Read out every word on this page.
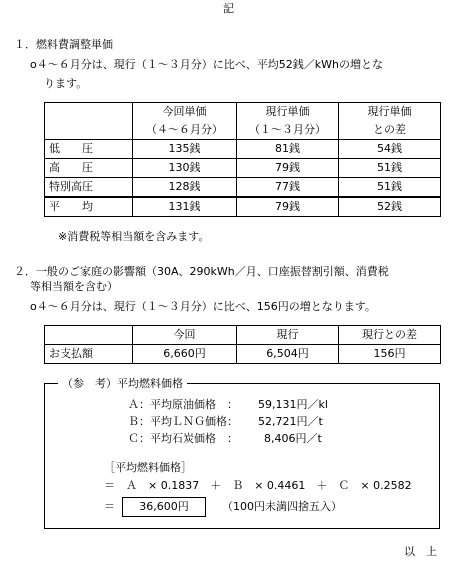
記
１．燃料費調整単価
o４～６月分は、現行（１～３月分）に比べ、平均52銭／kWhの増とな
ります。
	今回単価	現行単価	現行単価
	（４～６月分）	（１～３月分）	との差
低　　圧	135銭	81銭	54銭
高　　圧	130銭	79銭	51銭
特別高圧	128銭	77銭	51銭
平　　均	131銭	79銭	52銭
※消費税等相当額を含みます。
２．一般のご家庭の影響額（30A、290kWh／月、口座振替割引額、消費税
等相当額を含む）
o４～６月分は、現行（１～３月分）に比べ、156円の増となります。
	今回	現行	現行との差
お支払額	6,660円	6,504円	156円
（参　考）平均燃料価格
Ａ：平均原油価格　： 59,131円／kl
Ｂ：平均ＬＮＧ価格： 52,721円／t
Ｃ：平均石炭価格　： 8,406円／t
［平均燃料価格］
＝　Ａ　× 0.1837　＋　Ｂ　× 0.4461　＋　Ｃ　× 0.2582
＝	36,600円	（100円未満四捨五入）
以　上
